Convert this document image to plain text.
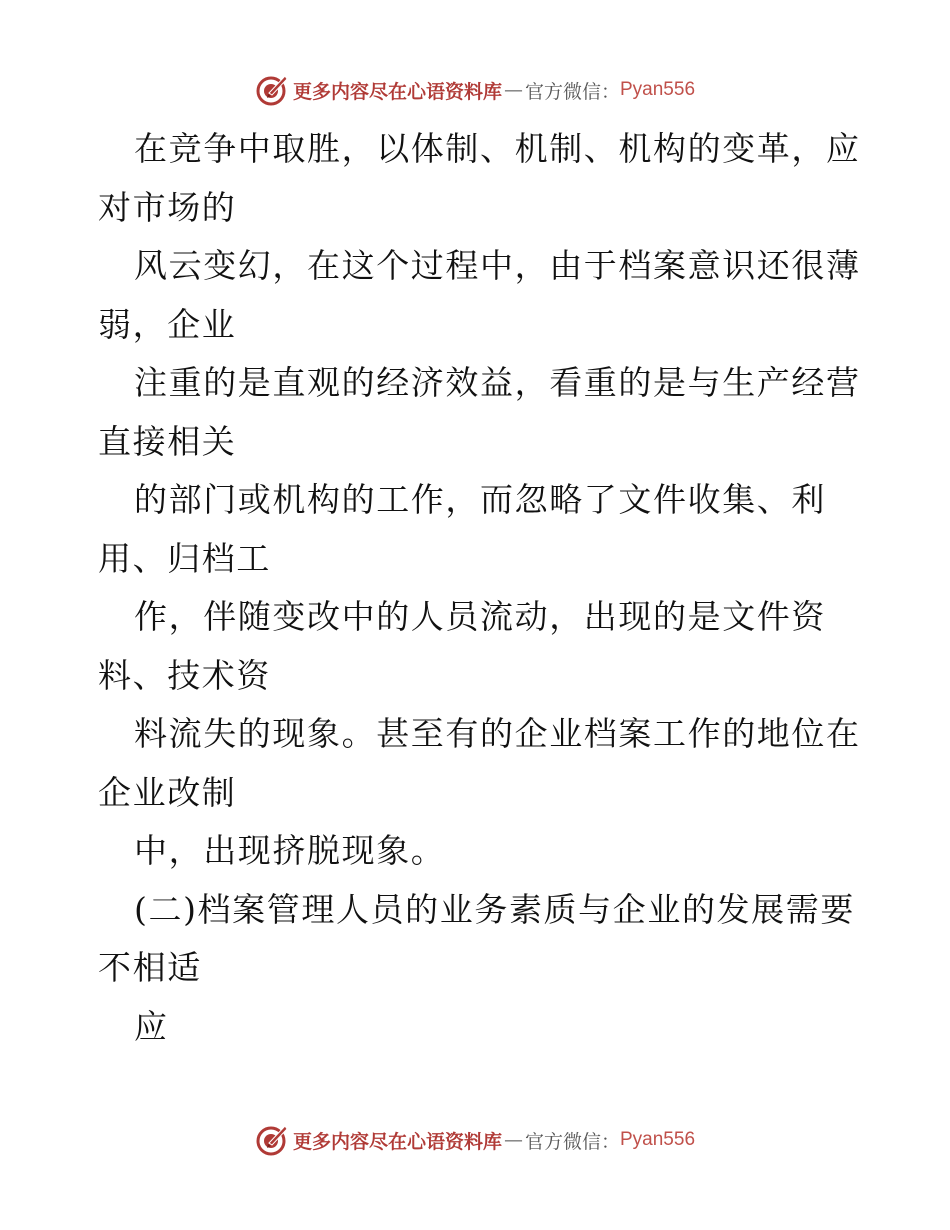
更多内容尽在心语资料库 — 官方微信： Pyan556
在竞争中取胜，以体制、机制、机构的变革，应
对市场的
风云变幻，在这个过程中，由于档案意识还很薄
弱，企业
注重的是直观的经济效益，看重的是与生产经营
直接相关
的部门或机构的工作，而忽略了文件收集、利
用、归档工
作，伴随变改中的人员流动，出现的是文件资
料、技术资
料流失的现象。甚至有的企业档案工作的地位在
企业改制
中，出现挤脱现象。
(二)档案管理人员的业务素质与企业的发展需要
不相适
应
更多内容尽在心语资料库 — 官方微信： Pyan556
